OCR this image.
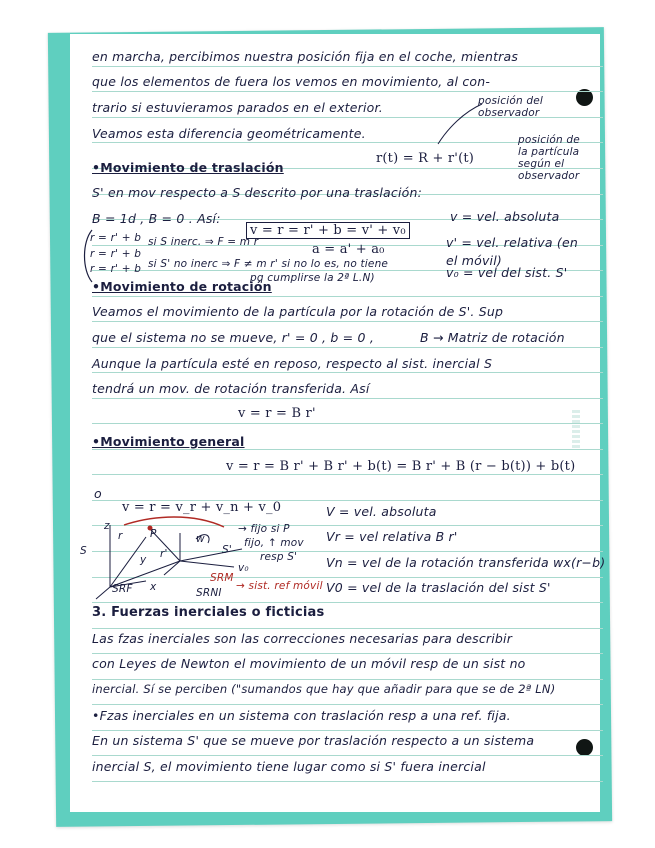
en marcha, percibimos nuestra posición fija en el coche, mientras
que los elementos de fuera los vemos en movimiento, al con-
trario si estuvieramos parados en el exterior.
Veamos esta diferencia geométricamente.
posición del observador
posición de la partícula según el observador
r(t) = R + r'(t)
•Movimiento de traslación
S' en mov respecto a S descrito por una traslación:
B = 1d , B = 0 . Así:
v = r = r' + b = v' + v₀
a = a' + a₀
r = r' + b
r = r' + b
r = r' + b
si S inerc. ⇒ F = m r
si S' no inerc ⇒ F ≠ m r' si no lo es, no tiene
pq cumplirse la 2ª L.N)
v = vel. absoluta
v' = vel. relativa (en el móvil)
v₀ = vel del sist. S'
•Movimiento de rotación
Veamos el movimiento de la partícula por la rotación de S'. Sup
que el sistema no se mueve, r' = 0 , b = 0 ,	B → Matriz de rotación
Aunque la partícula esté en reposo, respecto al sist. inercial S
tendrá un mov. de rotación transferida. Así
v = r = B r'
•Movimiento general
v = r = B r' + B r' + b(t) = B r' + B (r − b(t)) + b(t)
o
v = r = v_r + v_n + v_0
S	S'
SRF	SRNI
SRM
P
r
r'
w
x
y
z
v₀
→ sist. ref móvil
→ fijo si P
fijo, ↑ mov
resp S'
V = vel. absoluta
Vr = vel relativa B r'
Vn = vel de la rotación transferida wx(r−b)
V0 = vel de la traslación del sist S'
3. Fuerzas inerciales o ficticias
Las fzas inerciales son las correcciones necesarias para describir
con Leyes de Newton el movimiento de un móvil resp de un sist no
inercial. Sí se perciben ("sumandos que hay que añadir para que se de 2ª LN)
•Fzas inerciales en un sistema con traslación resp a una ref. fija.
En un sistema S' que se mueve por traslación respecto a un sistema
inercial S, el movimiento tiene lugar como si S' fuera inercial
